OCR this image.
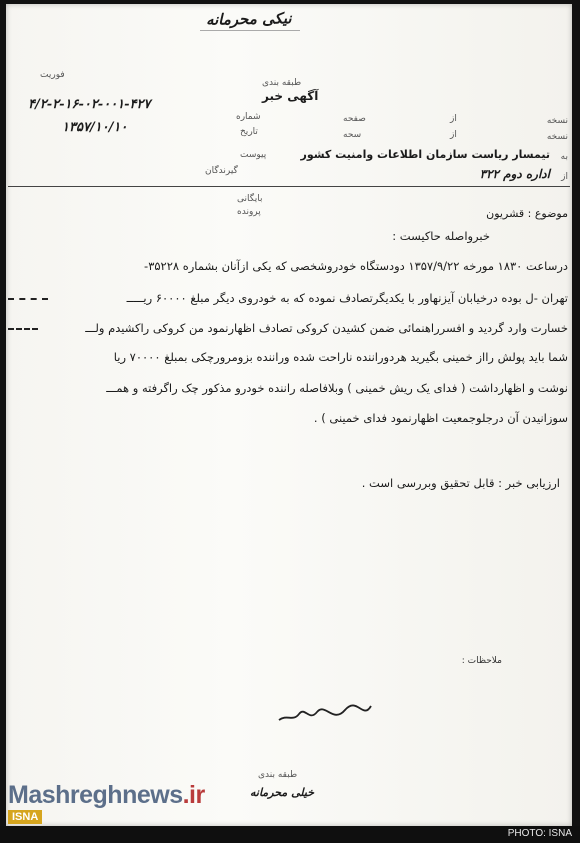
نیکی محرمانه
فوریت
۴/۲-۲-۱۶-۰۲-۰۰۱-۴۲۷
۱۳۵۷/۱۰/۱۰
طبقه بندی
آگهی خبر
شماره
تاریخ
پیوست
گیرندگان
نسخه
از
صفحه
نسخه
از
سحه
به
تیمسار ریاست سازمان اطلاعات وامنیت کشور
از
اداره دوم ۳۲۲
بایگانی
پرونده	موضوع : قشریون
خبرواصله حاکیست :
درساعت ۱۸۳۰ مورخه ۱۳۵۷/۹/۲۲ دودستگاه خودروشخصی که یکی ازآنان بشماره ۳۵۲۲۸-
تهران -ل بوده درخیابان آیزنهاور با یکدیگرتصادف نموده که به خودروی دیگر مبلغ ۶۰۰۰۰ ریـــــ
خسارت وارد گردید و افسرراهنمائی ضمن کشیدن کروکی تصادف اظهارنمود من کروکی راکشیدم ولـــ
شما باید پولش رااز خمینی بگیرید هردوراننده ناراحت شده وراننده بزومرورچکی بمبلغ ۷۰۰۰۰ ریا
نوشت و اظهارداشت ( فدای یک ریش خمینی ) وبلافاصله راننده خودرو مذکور چک راگرفته و همـــ
سوزانیدن آن درجلوجمعیت اظهارنمود فدای خمینی ) .
ارزیابی خبر : قابل تحقیق وبررسی است .
ملاحظات :
طبقه بندی
خیلی محرمانه
Mashreghnews.ir
ISNA
PHOTO: ISNA
